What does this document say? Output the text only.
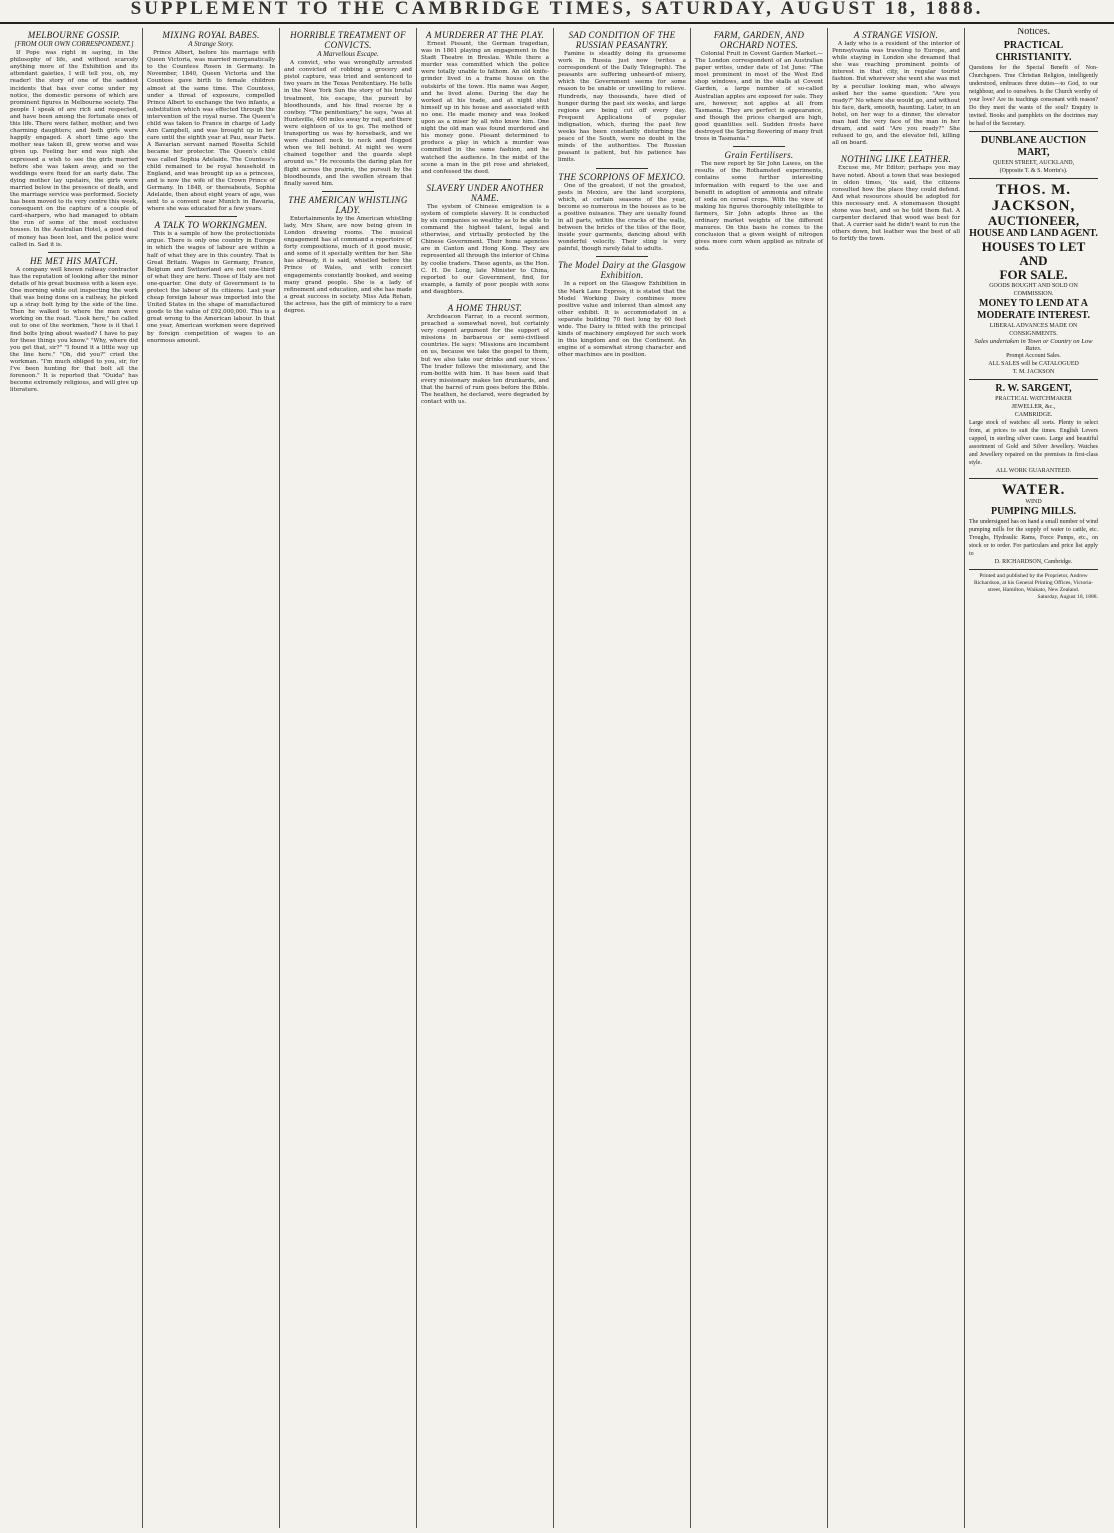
SUPPLEMENT TO THE CAMBRIDGE TIMES, SATURDAY, AUGUST 18, 1888.
MELBOURNE GOSSIP.
[FROM OUR OWN CORRESPONDENT.]

If Pope was right in saying, in the philosophy of life, and without scarcely anything more of the Exhibition and its attendant gaieties, I will tell you, oh, my reader! the story of one of the saddest incidents that has ever come under my notice, the domestic persons of which are prominent figures in Melbourne society. The people I speak of are rich and respected, and have been among the fortunate ones of this life. There were father, mother, and two charming daughters; and both girls were happily engaged. A short time ago the mother was taken ill, grew worse and was given up. Feeling her end was nigh she expressed a wish to see the girls married before she was taken away, and so the weddings were fixed for an early date. The dying mother lay upstairs, the girls were married below in the presence of death, and the marriage service was performed. Society has been moved to its very centre this week, consequent on the capture of a couple of card-sharpers, who had managed to obtain the run of some of the most exclusive houses. In the Australian Hotel, a good deal of money has been lost, and the police were called in. Sad it is.

HE MET HIS MATCH.

A company well known railway contractor has the reputation of looking after the minor details of his great business with a keen eye. One morning while out inspecting the work that was being done on a railway, he picked up a stray bolt lying by the side of the line. Then he walked to where the men were working on the road. "Look here," he called out to one of the workmen, "how is it that I find bolts lying about wasted? I have to pay for these things you know." "Why, where did you get that, sir?" "I found it a little way up the line here." "Oh, did you?" cried the workman. "I'm much obliged to you, sir, for I've been hunting for that bolt all the forenoon." It is reported that "Ouida" has become extremely religious, and will give up literature.

MIXING ROYAL BABES.
A Strange Story.

Prince Albert, before his marriage with Queen Victoria, was married morganatically to the Countess Rosen in Germany. In November, 1840, Queen Victoria and the Countess gave birth to female children almost at the same time. The Countess, under a threat of exposure, compelled Prince Albert to exchange the two infants, a substitution which was effected through the intervention of the royal nurse. The Queen's child was taken to France in charge of Lady Ann Campbell, and was brought up in her care until the eighth year at Pau, near Paris. A Bavarian servant named Rosetta Schild became her protector. The Queen's child was called Sophia Adelaide. The Countess's child remained to be royal household in England, and was brought up as a princess, and is now the wife of the Crown Prince of Germany. In 1848, or thereabouts, Sophia Adelaide, then about eight years of age, was sent to a convent near Munich in Bavaria, where she was educated for a few years.

A TALK TO WORKINGMEN.

This is a sample of how the protectionists argue. There is only one country in Europe in which the wages of labour are within a half of what they are in this country. That is Great Britain. Wages in Germany, France, Belgium and Switzerland are not one-third of what they are here. Those of Italy are not one-quarter. One duty of Government is to protect the labour of its citizens. Last year cheap foreign labour was imported into the United States in the shape of manufactured goods to the value of £92,000,000. This is a great wrong to the American labour. In that one year, American workmen were deprived by foreign competition of wages to an enormous amount.

HORRIBLE TREATMENT OF CONVICTS.
A Marvellous Escape.

A convict, who was wrongfully arrested and convicted of robbing a grocery and pistol capture, was tried and sentenced to two years in the Texas Penitentiary. He tells in the New York Sun the story of his brutal treatment, his escape, the pursuit by bloodhounds, and his final rescue by a cowboy. "The penitentiary," he says, "was at Huntsville, 400 miles away by rail, and there were eighteen of us to go. The method of transporting us was by horseback, and we were chained neck to neck and flogged when we fell behind. At night we were chained together and the guards slept around us." He recounts the daring plan for flight across the prairie, the pursuit by the bloodhounds, and the swollen stream that finally saved him.

THE AMERICAN WHISTLING LADY.

Entertainments by the American whistling lady, Mrs Shaw, are now being given in London drawing rooms. The musical engagement has at command a repertoire of forty compositions, much of it good music, and some of it specially written for her. She has already, it is said, whistled before the Prince of Wales, and with concert engagements constantly booked, and seeing many grand people. She is a lady of refinement and education, and she has made a great success in society. Miss Ada Rehan, the actress, has the gift of mimicry to a rare degree.

A MURDERER AT THE PLAY.

Ernest Pissant, the German tragedian, was in 1861 playing an engagement in the Stadt Theatre in Breslau. While there a murder was committed which the police were totally unable to fathom. An old knife-grinder lived in a frame house on the outskirts of the town. His name was Aeger, and he lived alone. During the day he worked at his trade, and at night shut himself up in his house and associated with no one. He made money and was looked upon as a miser by all who knew him. One night the old man was found murdered and his money gone. Pissant determined to produce a play in which a murder was committed in the same fashion, and he watched the audience. In the midst of the scene a man in the pit rose and shrieked, and confessed the deed.

SLAVERY UNDER ANOTHER NAME.

The system of Chinese emigration is a system of complete slavery. It is conducted by six companies so wealthy as to be able to command the highest talent, legal and otherwise, and virtually protected by the Chinese Government. Their home agencies are in Canton and Hong Kong. They are represented all through the interior of China by coolie traders. These agents, as the Hon. C. H. De Long, late Minister to China, reported to our Government, find, for example, a family of poor people with sons and daughters.

A HOME THRUST.

Archdeacon Farrar, in a recent sermon, preached a somewhat novel, but certainly very cogent argument for the support of missions in barbarous or semi-civilised countries. He says: 'Missions are incumbent on us, because we take the gospel to them, but we also take our drinks and our vices.' The trader follows the missionary, and the rum-bottle with him. It has been said that every missionary makes ten drunkards, and that the barrel of rum goes before the Bible. The heathen, he declared, were degraded by contact with us.

SAD CONDITION OF THE RUSSIAN PEASANTRY.

Famine is steadily doing its gruesome work in Russia just now (writes a correspondent of the Daily Telegraph). The peasants are suffering unheard-of misery, which the Government seems for some reason to be unable or unwilling to relieve. Hundreds, nay thousands, have died of hunger during the past six weeks, and large regions are being cut off every day. Frequent Applications of popular indignation, which, during the past few weeks has been constantly disturbing the peace of the South, were no doubt in the minds of the authorities. The Russian peasant is patient, but his patience has limits.

THE SCORPIONS OF MEXICO.

One of the greatest, if not the greatest, pests in Mexico, are the land scorpions, which, at certain seasons of the year, become so numerous in the houses as to be a positive nuisance. They are usually found in all parts, within the cracks of the walls, between the bricks of the tiles of the floor, inside your garments, dancing about with wonderful velocity. Their sting is very painful, though rarely fatal to adults.

The Model Dairy at the Glasgow Exhibition.

In a report on the Glasgow Exhibition in the Mark Lane Express, it is stated that the Model Working Dairy combines more positive value and interest than almost any other exhibit. It is accommodated in a separate building 70 feet long by 60 feet wide. The Dairy is fitted with the principal kinds of machinery employed for such work in this kingdom and on the Continent. An engine of a somewhat strong character and other machines are in position.

FARM, GARDEN, AND ORCHARD NOTES.

Colonial Fruit in Covent Garden Market.—The London correspondent of an Australian paper writes, under date of 1st June: "The most prominent in most of the West End shop windows, and in the stalls at Covent Garden, a large number of so-called Australian apples are exposed for sale. They are, however, not apples at all from Tasmania. They are perfect in appearance, and though the prices charged are high, good quantities sell. Sudden frosts have destroyed the Spring flowering of many fruit trees in Tasmania."

Grain Fertilisers.

The new report by Sir John Lawes, on the results of the Rothamsted experiments, contains some further interesting information with regard to the use and benefit in adoption of ammonia and nitrate of soda on cereal crops. With the view of making his figures thoroughly intelligible to farmers, Sir John adopts three as the ordinary market weights of the different manures. On this basis he comes to the conclusion that a given weight of nitrogen gives more corn when applied as nitrate of soda.

A STRANGE VISION.

A lady who is a resident of the interior of Pennsylvania was traveling to Europe, and while staying in London she dreamed that she was reaching prominent points of interest in that city, in regular tourist fashion. But wherever she went she was met by a peculiar looking man, who always asked her the same question: "Are you ready?" No where she would go, and without his face, dark, smooth, haunting. Later, in an hotel, on her way to a dinner, the elevator man had the very face of the man in her dream, and said "Are you ready?" She refused to go, and the elevator fell, killing all on board.

NOTHING LIKE LEATHER.

Excuse me, Mr Editor; perhaps you may have noted. About a town that was besieged in olden times, 'tis said, the citizens consulted how the place they could defend. And what resources should be adopted for this necessary end. A stonemason thought stone was best, and so he told them flat. A carpenter declared that wood was best for that. A currier said he didn't want to run the others down, but leather was the best of all to fortify the town.

Notices.
PRACTICAL CHRISTIANITY.
Questions for the Special Benefit of Non-Churchgoers. True Christian Religion, intelligently understood, embraces three duties—to God, to our neighbour, and to ourselves. Is the Church worthy of your love? Are its teachings consonant with reason? Do they meet the wants of the soul? Enquiry is invited. Books and pamphlets on the doctrines may be had of the Secretary.
DUNBLANE AUCTION MART,
QUEEN STREET, AUCKLAND,
(Opposite T. & S. Morrin's).
THOS. M. JACKSON,
AUCTIONEER,
HOUSE AND LAND AGENT.
HOUSES TO LET AND
FOR SALE.
GOODS BOUGHT AND SOLD ON COMMISSION.
MONEY TO LEND AT A MODERATE INTEREST.
LIBERAL ADVANCES MADE ON CONSIGNMENTS.
Sales undertaken in Town or Country on Low Rates.
Prompt Account Sales.
ALL SALES will be CATALOGUED
T. M. JACKSON
R. W. SARGENT,
PRACTICAL WATCHMAKER
JEWELLER, &c.,
CAMBRIDGE.
Large stock of watches: all sorts. Plenty to select from, at prices to suit the times. English Levers capped, in sterling silver cases. Large and beautiful assortment of Gold and Silver Jewellery. Watches and Jewellery repaired on the premises in first-class style.
ALL WORK GUARANTEED.
WATER.
WIND
PUMPING MILLS.
The undersigned has on hand a small number of wind pumping mills for the supply of water to cattle, etc. Troughs, Hydraulic Rams, Force Pumps, etc., on stock or to order. For particulars and price list apply to
D. RICHARDSON, Cambridge.
Printed and published by the Proprietor, Andrew Richardson, at his General Printing Offices, Victoria-street, Hamilton, Waikato, New Zealand.
Saturday, August 18, 1888.
